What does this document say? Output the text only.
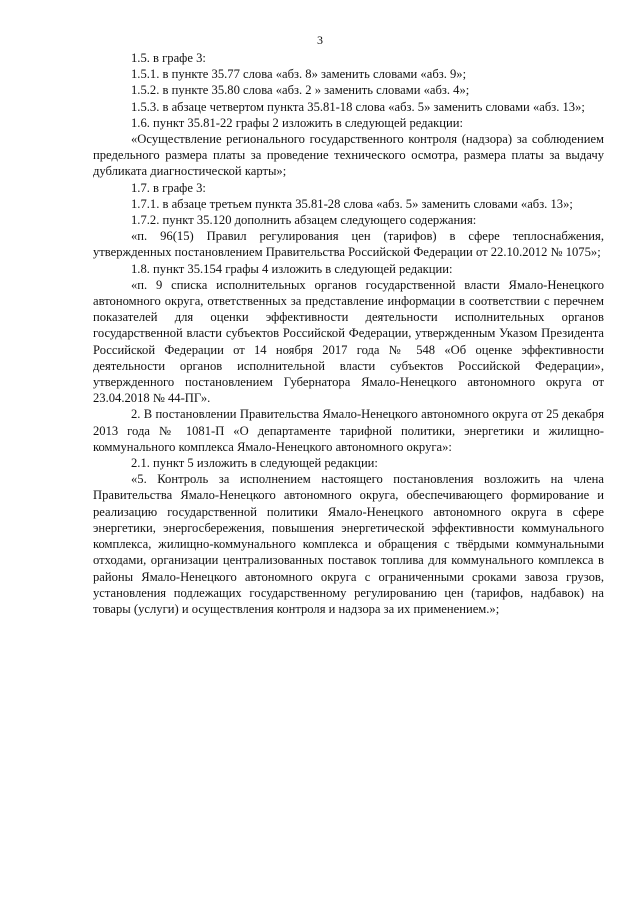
3

1.5. в графе 3:

1.5.1. в пункте 35.77 слова «абз. 8» заменить словами «абз. 9»;

1.5.2. в пункте 35.80 слова «абз. 2 » заменить словами «абз. 4»;

1.5.3. в абзаце четвертом пункта 35.81-18 слова «абз. 5» заменить словами «абз. 13»;

1.6. пункт 35.81-22 графы 2 изложить в следующей редакции:

«Осуществление регионального государственного контроля (надзора) за соблюдением предельного размера платы за проведение технического осмотра, размера платы за выдачу дубликата диагностической карты»;

1.7. в графе 3:

1.7.1. в абзаце третьем пункта 35.81-28 слова «абз. 5» заменить словами «абз. 13»;

1.7.2. пункт 35.120 дополнить абзацем следующего содержания:

«п. 96(15) Правил регулирования цен (тарифов) в сфере теплоснабжения, утвержденных постановлением Правительства Российской Федерации от 22.10.2012 № 1075»;

1.8. пункт 35.154 графы 4 изложить в следующей редакции:

«п. 9 списка исполнительных органов государственной власти Ямало-Ненецкого автономного округа, ответственных за представление информации в соответствии с перечнем показателей для оценки эффективности деятельности исполнительных органов государственной власти субъектов Российской Федерации, утвержденным Указом Президента Российской Федерации от 14 ноября 2017 года № 548 «Об оценке эффективности деятельности органов исполнительной власти субъектов Российской Федерации», утвержденного постановлением Губернатора Ямало-Ненецкого автономного округа от 23.04.2018 № 44-ПГ».

2. В постановлении Правительства Ямало-Ненецкого автономного округа от 25 декабря 2013 года № 1081-П «О департаменте тарифной политики, энергетики и жилищно-коммунального комплекса Ямало-Ненецкого автономного округа»:

2.1. пункт 5 изложить в следующей редакции:

«5. Контроль за исполнением настоящего постановления возложить на члена Правительства Ямало-Ненецкого автономного округа, обеспечивающего формирование и реализацию государственной политики Ямало-Ненецкого автономного округа в сфере энергетики, энергосбережения, повышения энергетической эффективности коммунального комплекса, жилищно-коммунального комплекса и обращения с твёрдыми коммунальными отходами, организации централизованных поставок топлива для коммунального комплекса в районы Ямало-Ненецкого автономного округа с ограниченными сроками завоза грузов, установления подлежащих государственному регулированию цен (тарифов, надбавок) на товары (услуги) и осуществления контроля и надзора за их применением.»;
